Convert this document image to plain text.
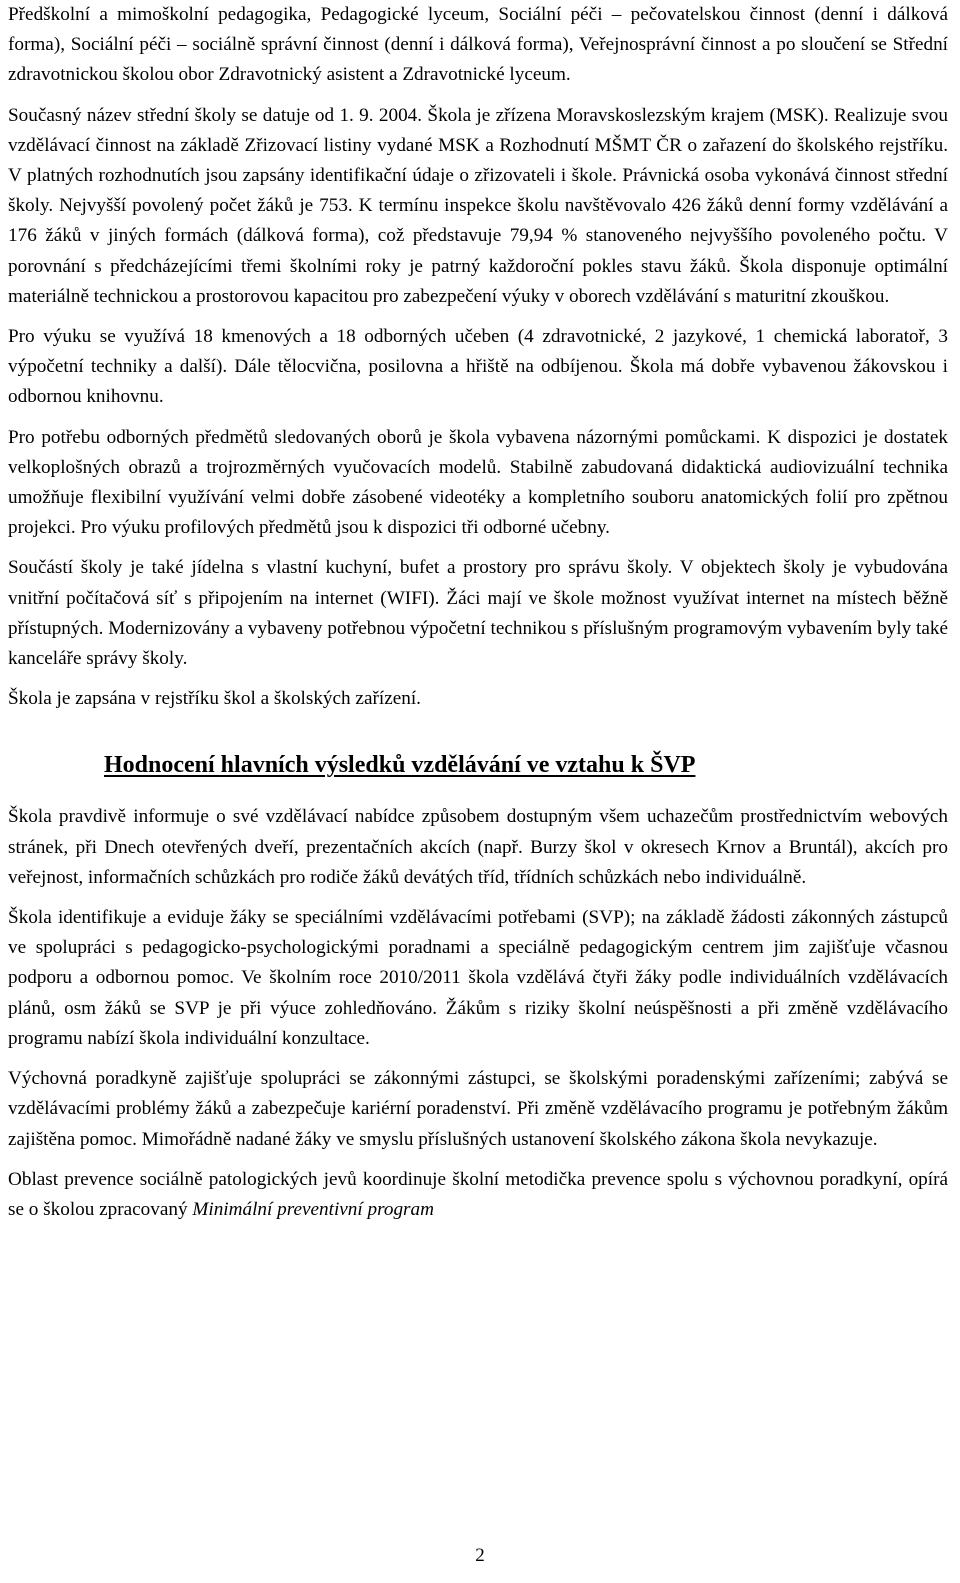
Předškolní a mimoškolní pedagogika, Pedagogické lyceum, Sociální péči – pečovatelskou činnost (denní i dálková forma), Sociální péči – sociálně správní činnost (denní i dálková forma), Veřejnosprávní činnost a po sloučení se Střední zdravotnickou školou obor Zdravotnický asistent a Zdravotnické lyceum.

Současný název střední školy se datuje od 1. 9. 2004. Škola je zřízena Moravskoslezským krajem (MSK). Realizuje svou vzdělávací činnost na základě Zřizovací listiny vydané MSK a Rozhodnutí MŠMT ČR o zařazení do školského rejstříku. V platných rozhodnutích jsou zapsány identifikační údaje o zřizovateli i škole. Právnická osoba vykonává činnost střední školy. Nejvyšší povolený počet žáků je 753. K termínu inspekce školu navštěvovalo 426 žáků denní formy vzdělávání a 176 žáků v jiných formách (dálková forma), což představuje 79,94 % stanoveného nejvyššího povoleného počtu. V porovnání s předcházejícími třemi školními roky je patrný každoroční pokles stavu žáků. Škola disponuje optimální materiálně technickou a prostorovou kapacitou pro zabezpečení výuky v oborech vzdělávání s maturitní zkouškou.

Pro výuku se využívá 18 kmenových a 18 odborných učeben (4 zdravotnické, 2 jazykové, 1 chemická laboratoř, 3 výpočetní techniky a další). Dále tělocvična, posilovna a hřiště na odbíjenou. Škola má dobře vybavenou žákovskou i odbornou knihovnu.

Pro potřebu odborných předmětů sledovaných oborů je škola vybavena názornými pomůckami. K dispozici je dostatek velkoplošných obrazů a trojrozměrných vyučovacích modelů. Stabilně zabudovaná didaktická audiovizuální technika umožňuje flexibilní využívání velmi dobře zásobené videotéky a kompletního souboru anatomických folií pro zpětnou projekci. Pro výuku profilových předmětů jsou k dispozici tři odborné učebny.

Součástí školy je také jídelna s vlastní kuchyní, bufet a prostory pro správu školy. V objektech školy je vybudována vnitřní počítačová síť s připojením na internet (WIFI). Žáci mají ve škole možnost využívat internet na místech běžně přístupných. Modernizovány a vybaveny potřebnou výpočetní technikou s příslušným programovým vybavením byly také kanceláře správy školy.

Škola je zapsána v rejstříku škol a školských zařízení.

Hodnocení hlavních výsledků vzdělávání ve vztahu k ŠVP

Škola pravdivě informuje o své vzdělávací nabídce způsobem dostupným všem uchazečům prostřednictvím webových stránek, při Dnech otevřených dveří, prezentačních akcích (např. Burzy škol v okresech Krnov a Bruntál), akcích pro veřejnost, informačních schůzkách pro rodiče žáků devátých tříd, třídních schůzkách nebo individuálně.

Škola identifikuje a eviduje žáky se speciálními vzdělávacími potřebami (SVP); na základě žádosti zákonných zástupců ve spolupráci s pedagogicko-psychologickými poradnami a speciálně pedagogickým centrem jim zajišťuje včasnou podporu a odbornou pomoc. Ve školním roce 2010/2011 škola vzdělává čtyři žáky podle individuálních vzdělávacích plánů, osm žáků se SVP je při výuce zohledňováno. Žákům s riziky školní neúspěšnosti a při změně vzdělávacího programu nabízí škola individuální konzultace.

Výchovná poradkyně zajišťuje spolupráci se zákonnými zástupci, se školskými poradenskými zařízeními; zabývá se vzdělávacími problémy žáků a zabezpečuje kariérní poradenství. Při změně vzdělávacího programu je potřebným žákům zajištěna pomoc. Mimořádně nadané žáky ve smyslu příslušných ustanovení školského zákona škola nevykazuje.

Oblast prevence sociálně patologických jevů koordinuje školní metodička prevence spolu s výchovnou poradkyní, opírá se o školou zpracovaný Minimální preventivní program

2
